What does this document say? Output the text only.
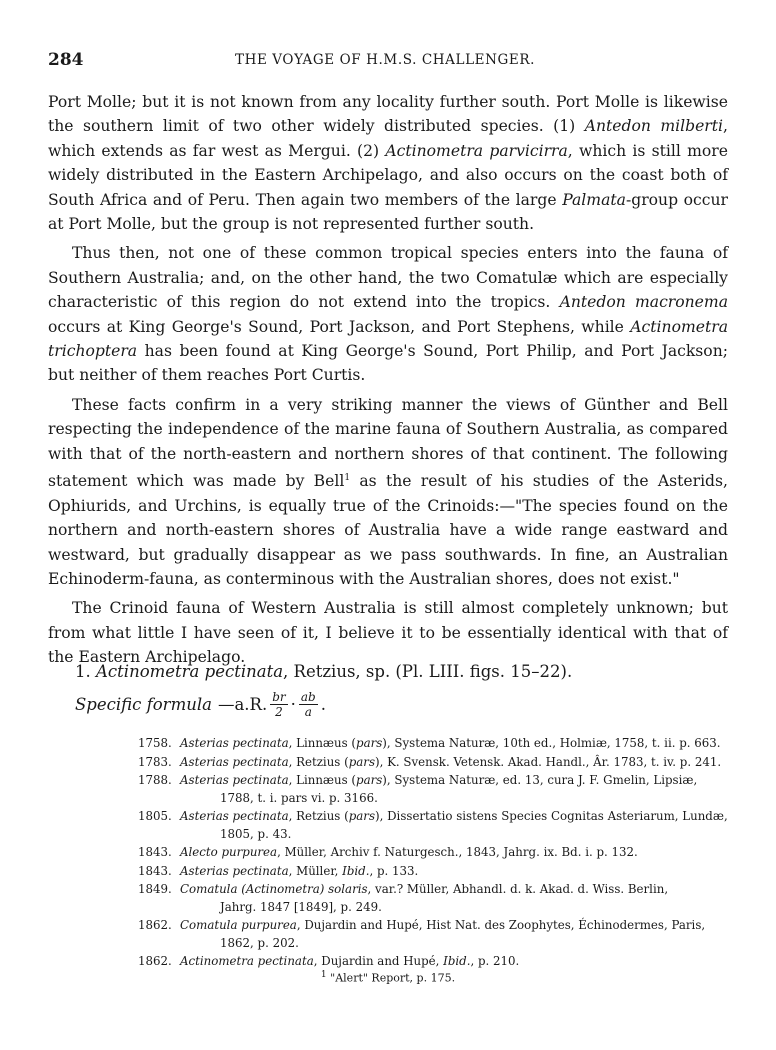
284	THE VOYAGE OF H.M.S. CHALLENGER.

Port Molle; but it is not known from any locality further south. Port Molle is likewise the southern limit of two other widely distributed species. (1) Antedon milberti, which extends as far west as Mergui. (2) Actinometra parvicirra, which is still more widely distributed in the Eastern Archipelago, and also occurs on the coast both of South Africa and of Peru. Then again two members of the large Palmata-group occur at Port Molle, but the group is not represented further south.

Thus then, not one of these common tropical species enters into the fauna of Southern Australia; and, on the other hand, the two Comatulæ which are especially characteristic of this region do not extend into the tropics. Antedon macronema occurs at King George's Sound, Port Jackson, and Port Stephens, while Actinometra trichoptera has been found at King George's Sound, Port Philip, and Port Jackson; but neither of them reaches Port Curtis.

These facts confirm in a very striking manner the views of Günther and Bell respecting the independence of the marine fauna of Southern Australia, as compared with that of the north-eastern and northern shores of that continent. The following statement which was made by Bell$^1$ as the result of his studies of the Asterids, Ophiurids, and Urchins, is equally true of the Crinoids:—"The species found on the northern and north-eastern shores of Australia have a wide range eastward and westward, but gradually disappear as we pass southwards. In fine, an Australian Echinoderm-fauna, as conterminous with the Australian shores, does not exist."

The Crinoid fauna of Western Australia is still almost completely unknown; but from what little I have seen of it, I believe it to be essentially identical with that of the Eastern Archipelago.

1. Actinometra pectinata, Retzius, sp. (Pl. LIII. figs. 15–22).
Specific formula —a.R. $\frac{br}{2} \cdot \frac{ab}{a}$ .
1758. Asterias pectinata, Linnæus (pars), Systema Naturæ, 10th ed., Holmiæ, 1758, t. ii. p. 663.
1783. Asterias pectinata, Retzius (pars), K. Svensk. Vetensk. Akad. Handl., Âr. 1783, t. iv. p. 241.
1788. Asterias pectinata, Linnæus (pars), Systema Naturæ, ed. 13, cura J. F. Gmelin, Lipsiæ,
1788, t. i. pars vi. p. 3166.
1805. Asterias pectinata, Retzius (pars), Dissertatio sistens Species Cognitas Asteriarum, Lundæ,
1805, p. 43.
1843. Alecto purpurea, Müller, Archiv f. Naturgesch., 1843, Jahrg. ix. Bd. i. p. 132.
1843. Asterias pectinata, Müller, Ibid., p. 133.
1849. Comatula (Actinometra) solaris, var.? Müller, Abhandl. d. k. Akad. d. Wiss. Berlin,
Jahrg. 1847 [1849], p. 249.
1862. Comatula purpurea, Dujardin and Hupé, Hist Nat. des Zoophytes, Échinodermes, Paris,
1862, p. 202.
1862. Actinometra pectinata, Dujardin and Hupé, Ibid., p. 210.
$^1$ "Alert" Report, p. 175.
